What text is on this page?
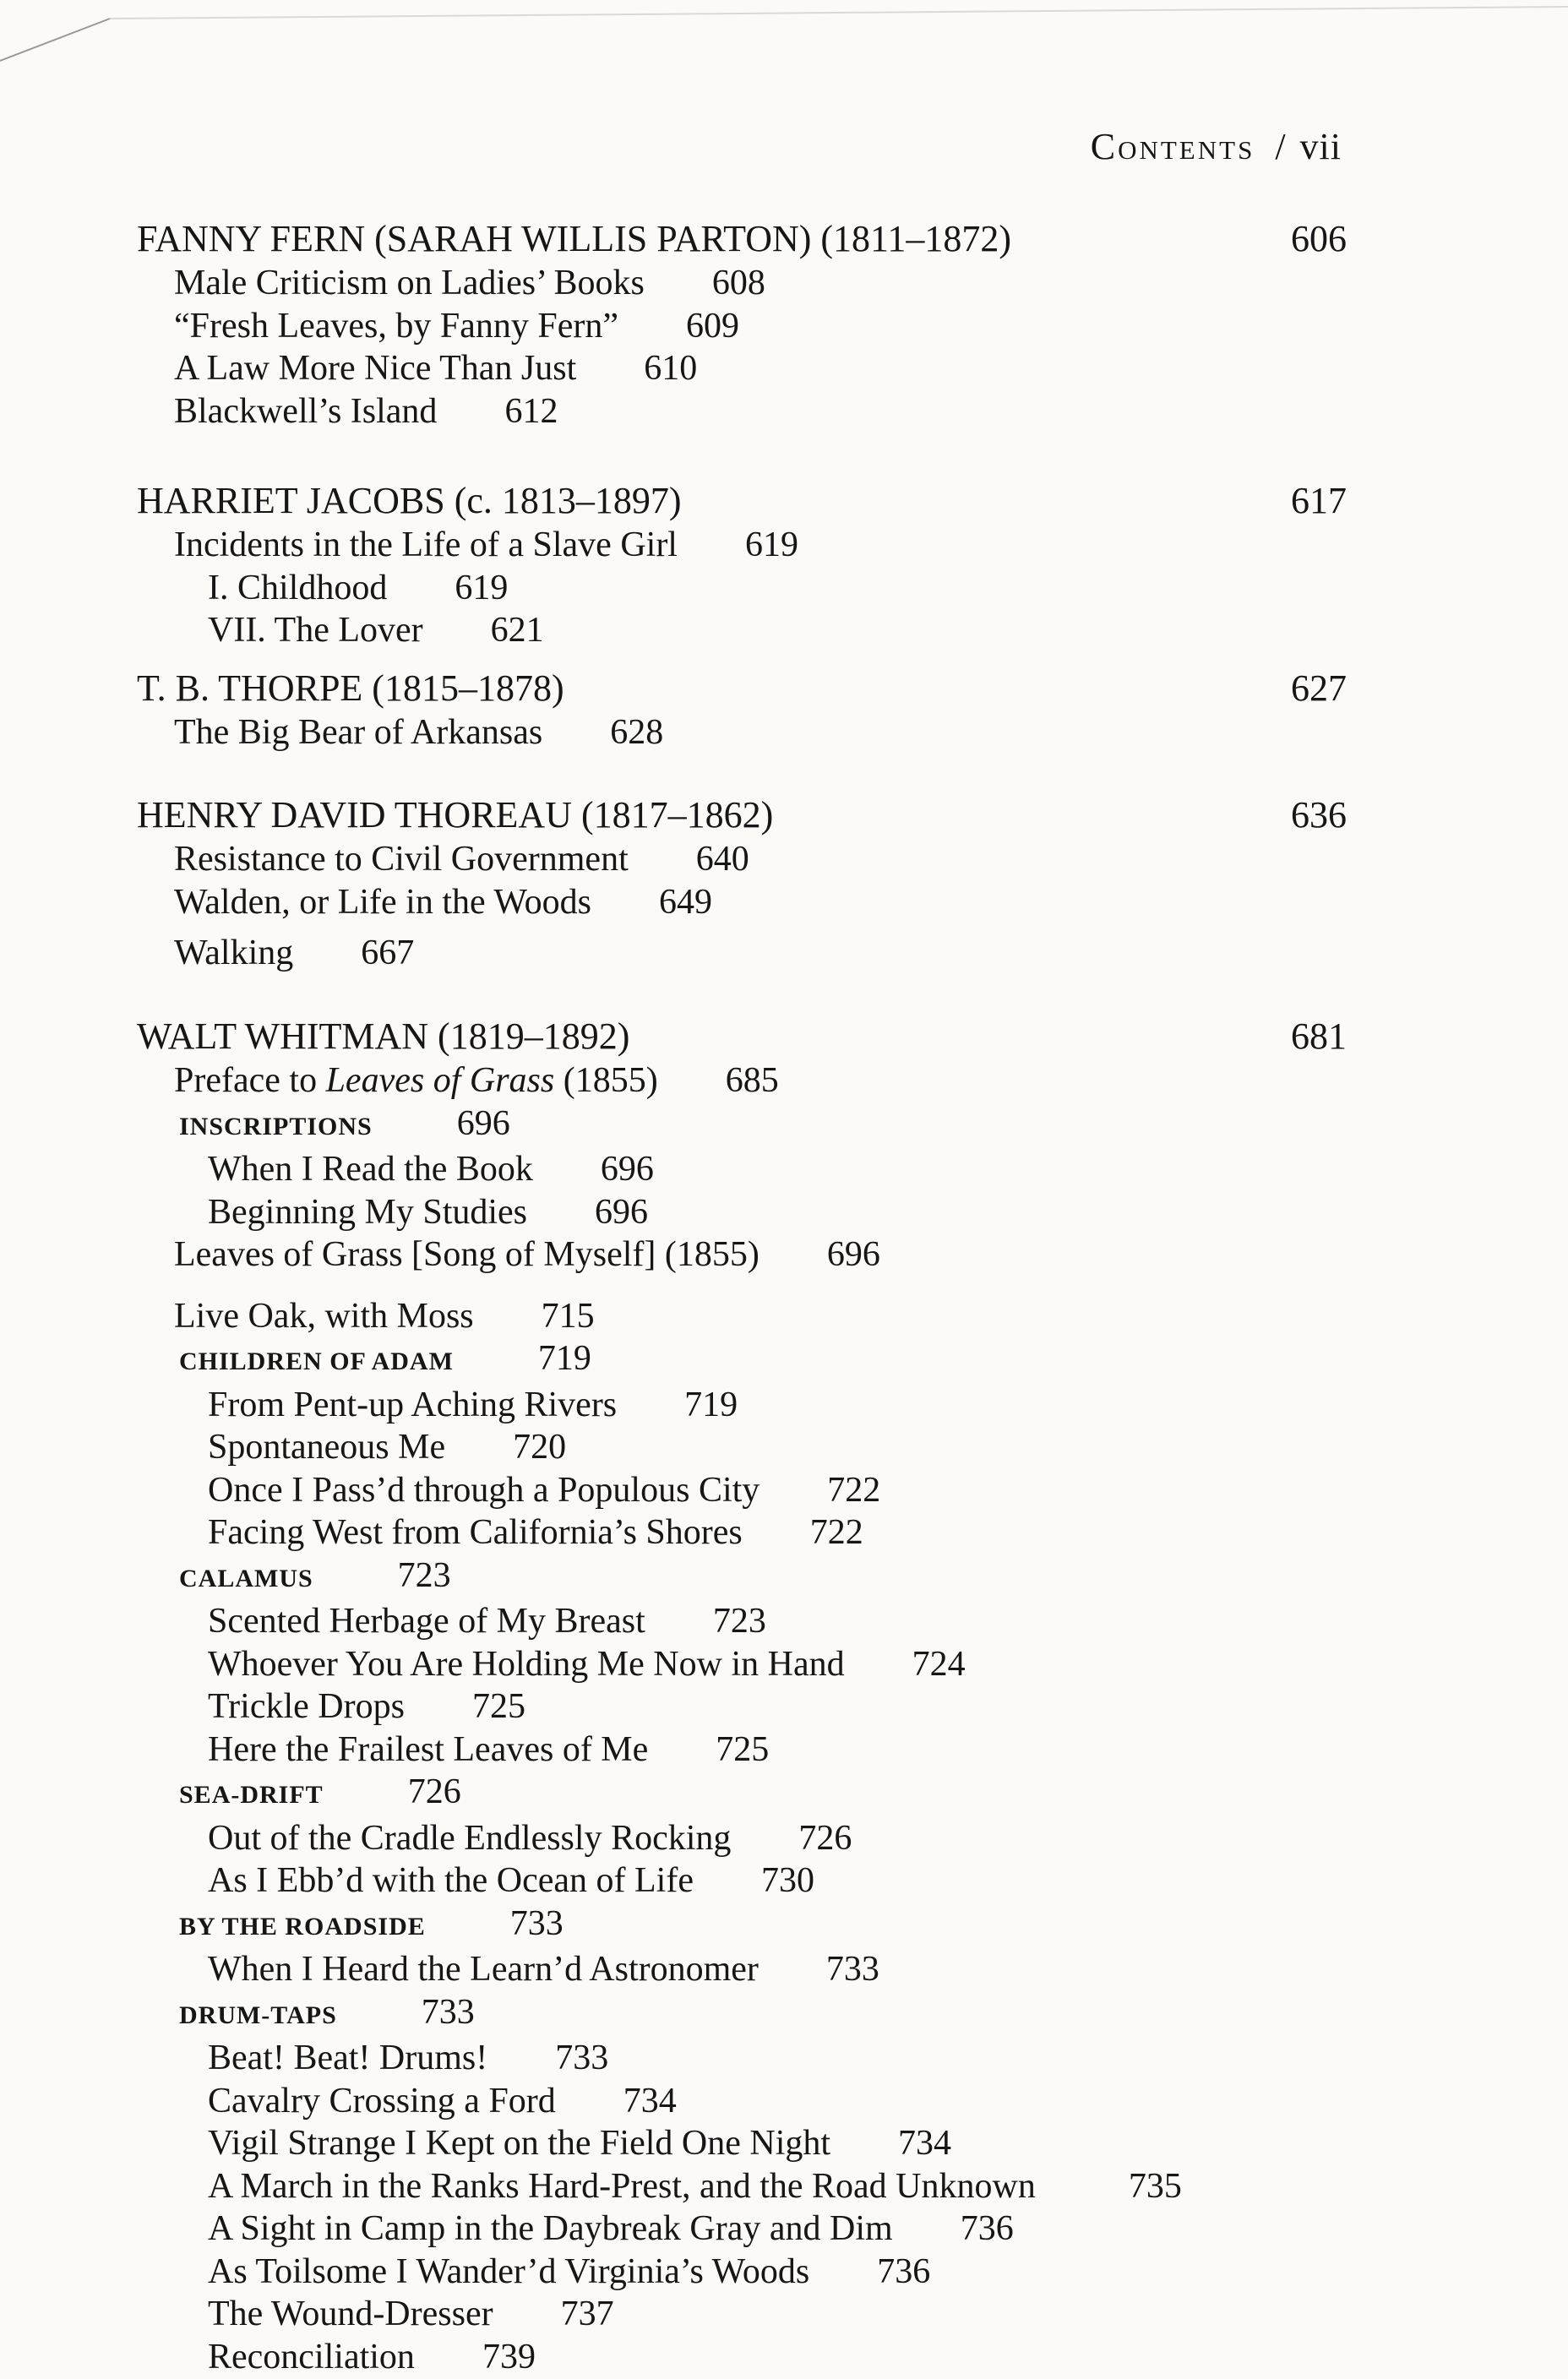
Contents / vii
FANNY FERN (SARAH WILLIS PARTON) (1811–1872)	606
Male Criticism on Ladies’ Books 608
“Fresh Leaves, by Fanny Fern” 609
A Law More Nice Than Just 610
Blackwell’s Island 612
HARRIET JACOBS (c. 1813–1897)	617
Incidents in the Life of a Slave Girl 619
I. Childhood 619
VII. The Lover 621
T. B. THORPE (1815–1878)	627
The Big Bear of Arkansas 628
HENRY DAVID THOREAU (1817–1862)	636
Resistance to Civil Government 640
Walden, or Life in the Woods 649
Walking 667
WALT WHITMAN (1819–1892)	681
Preface to Leaves of Grass (1855) 685
INSCRIPTIONS 696
When I Read the Book 696
Beginning My Studies 696
Leaves of Grass [Song of Myself] (1855) 696
Live Oak, with Moss 715
CHILDREN OF ADAM 719
From Pent-up Aching Rivers 719
Spontaneous Me 720
Once I Pass’d through a Populous City 722
Facing West from California’s Shores 722
CALAMUS 723
Scented Herbage of My Breast 723
Whoever You Are Holding Me Now in Hand 724
Trickle Drops 725
Here the Frailest Leaves of Me 725
SEA-DRIFT 726
Out of the Cradle Endlessly Rocking 726
As I Ebb’d with the Ocean of Life 730
BY THE ROADSIDE 733
When I Heard the Learn’d Astronomer 733
DRUM-TAPS 733
Beat! Beat! Drums! 733
Cavalry Crossing a Ford 734
Vigil Strange I Kept on the Field One Night 734
A March in the Ranks Hard-Prest, and the Road Unknown	735
A Sight in Camp in the Daybreak Gray and Dim 736
As Toilsome I Wander’d Virginia’s Woods 736
The Wound-Dresser 737
Reconciliation 739
